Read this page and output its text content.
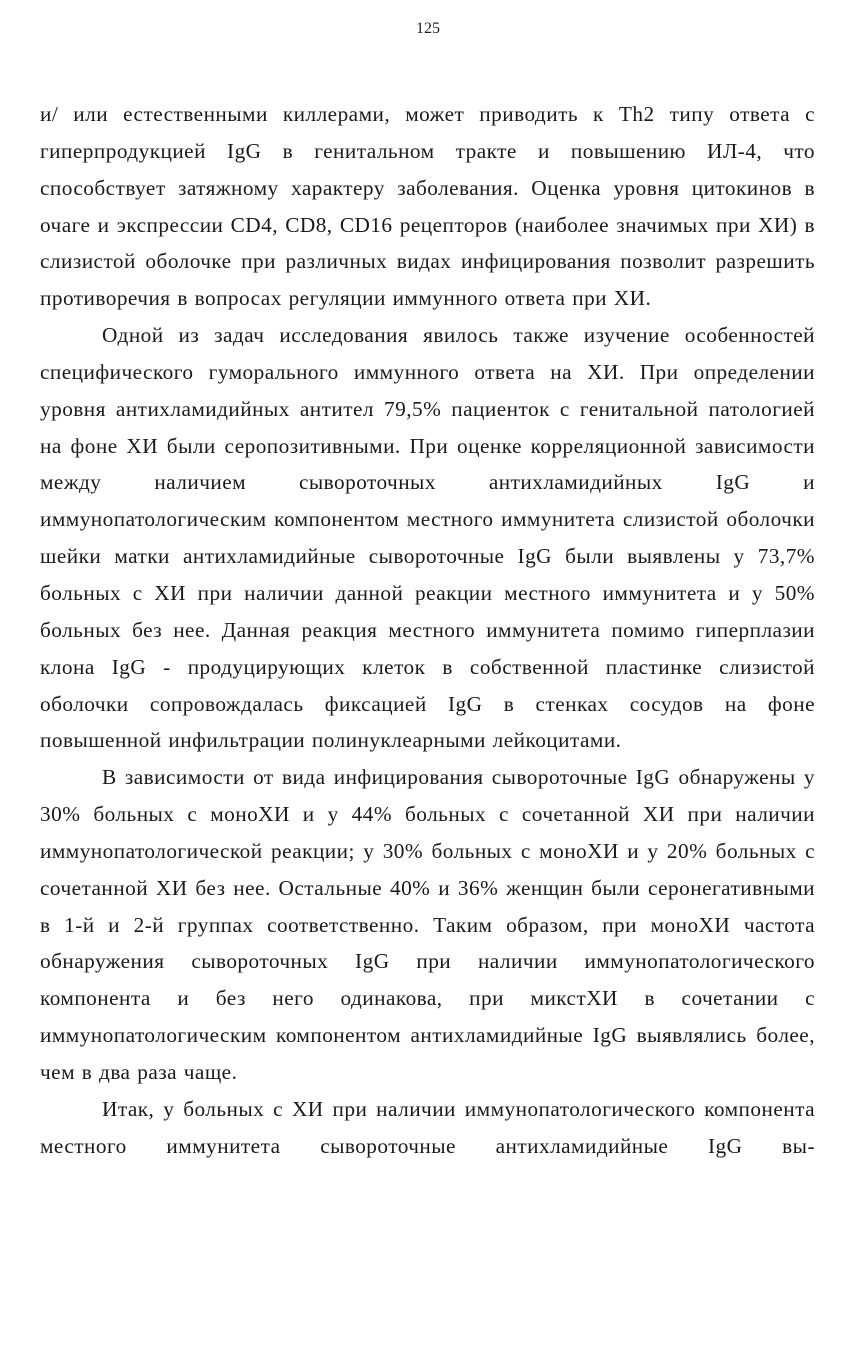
125

и/ или естественными киллерами, может приводить к Th2 типу ответа с гиперпродукцией IgG в генитальном тракте и повышению ИЛ-4, что способствует затяжному характеру заболевания. Оценка уровня цитокинов в очаге и экспрессии CD4, CD8, CD16 рецепторов (наиболее значимых при ХИ) в слизистой оболочке при различных видах инфицирования позволит разрешить противоречия в вопросах регуляции иммунного ответа при ХИ.

Одной из задач исследования явилось также изучение особенностей специфического гуморального иммунного ответа на ХИ. При определении уровня антихламидийных антител 79,5% пациенток с генитальной патологией на фоне ХИ были серопозитивными. При оценке корреляционной зависимости между наличием сывороточных антихламидийных IgG и иммунопатологическим компонентом местного иммунитета слизистой оболочки шейки матки антихламидийные сывороточные IgG были выявлены у 73,7% больных с ХИ при наличии данной реакции местного иммунитета и у 50% больных без нее. Данная реакция местного иммунитета помимо гиперплазии клона IgG - продуцирующих клеток в собственной пластинке слизистой оболочки сопровождалась фиксацией IgG в стенках сосудов на фоне повышенной инфильтрации полинуклеарными лейкоцитами.

В зависимости от вида инфицирования сывороточные IgG обнаружены у 30% больных с моноХИ и у 44% больных с сочетанной ХИ при наличии иммунопатологической реакции; у 30% больных с моноХИ и у 20% больных с сочетанной ХИ без нее. Остальные 40% и 36% женщин были серонегативными в 1-й и 2-й группах соответственно. Таким образом, при моноХИ частота обнаружения сывороточных IgG при наличии иммунопатологического компонента и без него одинакова, при микстХИ в сочетании с иммунопатологическим компонентом антихламидийные IgG выявлялись более, чем в два раза чаще.

Итак, у больных с ХИ при наличии иммунопатологического компонента местного иммунитета сывороточные антихламидийные IgG вы-
